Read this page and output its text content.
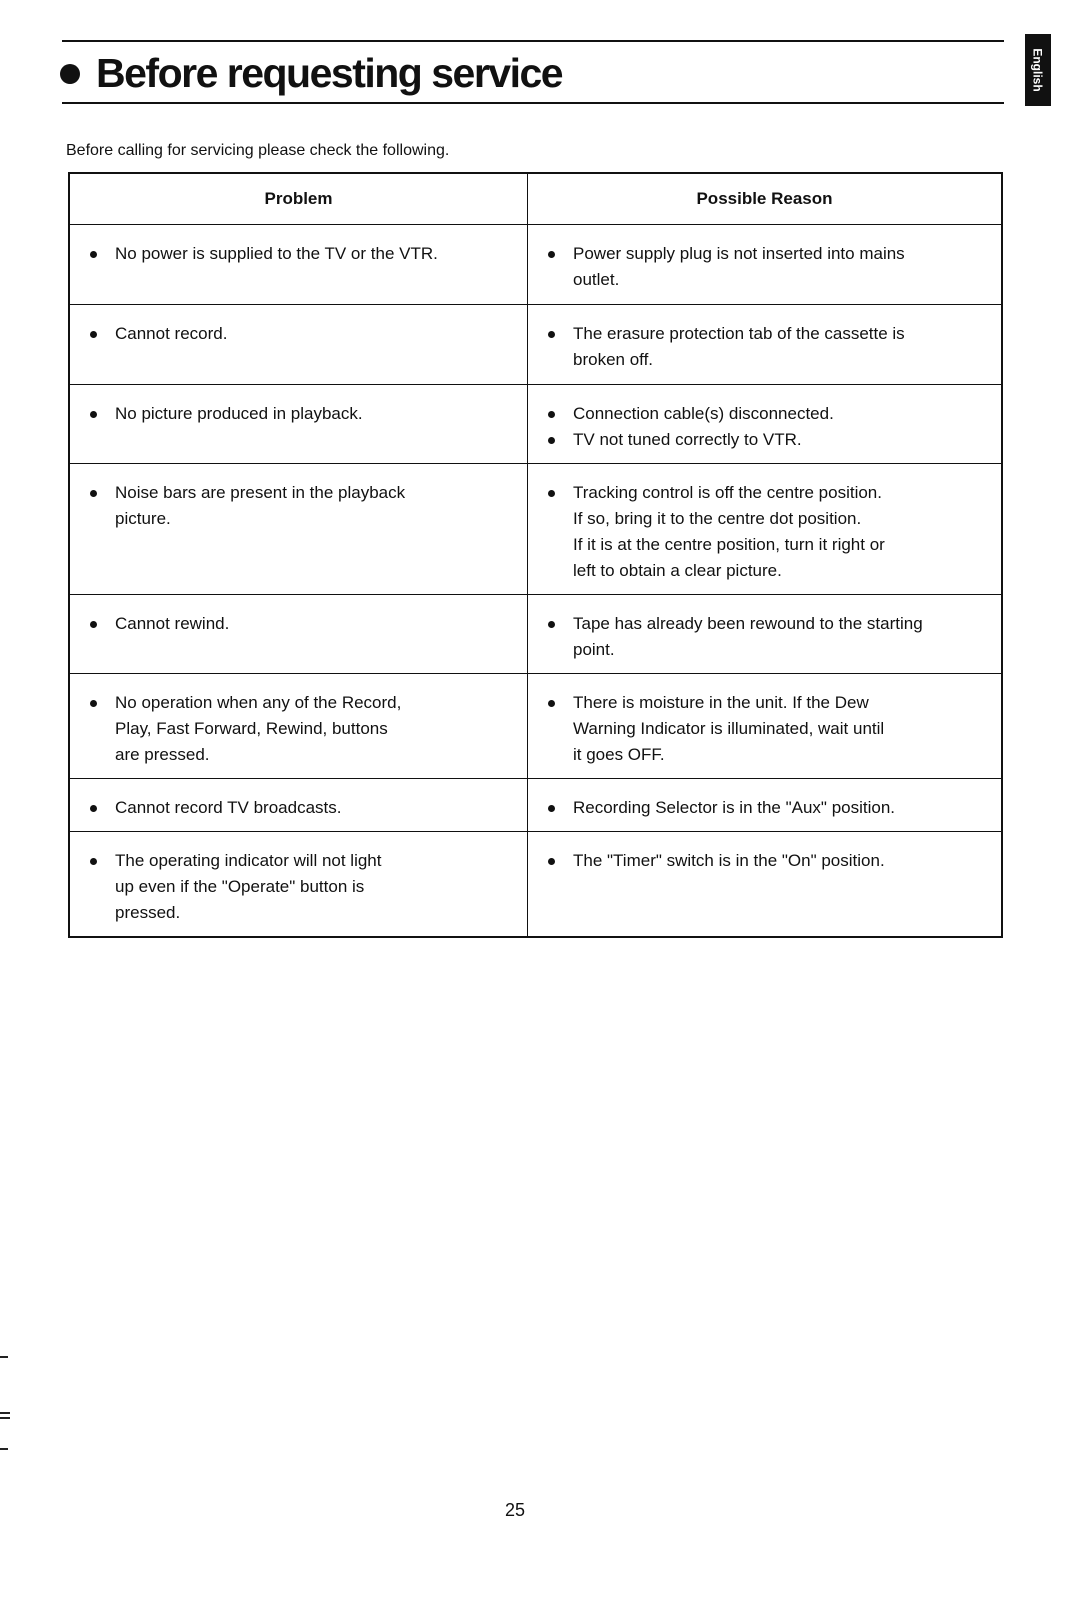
Before requesting service	English
Before calling for servicing please check the following.
Problem	Possible Reason

No power is supplied to the TV or the VTR.	Power supply plug is not inserted into mains
outlet.

Cannot record.	The erasure protection tab of the cassette is
broken off.

No picture produced in playback.	Connection cable(s) disconnected.
TV not tuned correctly to VTR.

Noise bars are present in the playback
picture.	Tracking control is off the centre position.
If so, bring it to the centre dot position.
If it is at the centre position, turn it right or
left to obtain a clear picture.

Cannot rewind.	Tape has already been rewound to the starting
point.

No operation when any of the Record,
Play, Fast Forward, Rewind, buttons
are pressed.	There is moisture in the unit. If the Dew
Warning Indicator is illuminated, wait until
it goes OFF.

Cannot record TV broadcasts.	Recording Selector is in the "Aux" position.

The operating indicator will not light
up even if the "Operate" button is
pressed.	The "Timer" switch is in the "On" position.
25
